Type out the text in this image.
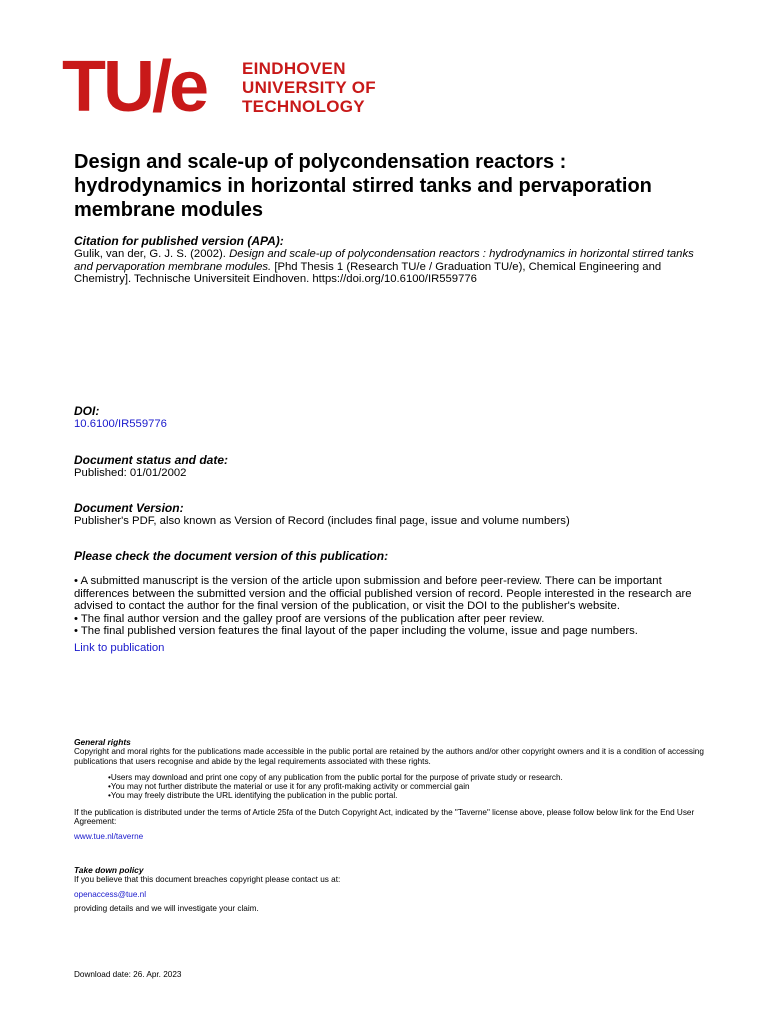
TU/e EINDHOVEN
UNIVERSITY OF
TECHNOLOGY
Design and scale-up of polycondensation reactors : hydrodynamics in horizontal stirred tanks and pervaporation membrane modules
Citation for published version (APA):
Gulik, van der, G. J. S. (2002). Design and scale-up of polycondensation reactors : hydrodynamics in horizontal stirred tanks and pervaporation membrane modules. [Phd Thesis 1 (Research TU/e / Graduation TU/e), Chemical Engineering and Chemistry]. Technische Universiteit Eindhoven. https://doi.org/10.6100/IR559776
DOI:
10.6100/IR559776
Document status and date:
Published: 01/01/2002
Document Version:
Publisher's PDF, also known as Version of Record (includes final page, issue and volume numbers)
Please check the document version of this publication:
• A submitted manuscript is the version of the article upon submission and before peer-review. There can be important differences between the submitted version and the official published version of record. People interested in the research are advised to contact the author for the final version of the publication, or visit the DOI to the publisher's website.
• The final author version and the galley proof are versions of the publication after peer review.
• The final published version features the final layout of the paper including the volume, issue and page numbers.
Link to publication
General rights
Copyright and moral rights for the publications made accessible in the public portal are retained by the authors and/or other copyright owners and it is a condition of accessing publications that users recognise and abide by the legal requirements associated with these rights.
• Users may download and print one copy of any publication from the public portal for the purpose of private study or research.
• You may not further distribute the material or use it for any profit-making activity or commercial gain
• You may freely distribute the URL identifying the publication in the public portal.
If the publication is distributed under the terms of Article 25fa of the Dutch Copyright Act, indicated by the "Taverne" license above, please follow below link for the End User Agreement:
www.tue.nl/taverne
Take down policy
If you believe that this document breaches copyright please contact us at:
openaccess@tue.nl
providing details and we will investigate your claim.
Download date: 26. Apr. 2023
